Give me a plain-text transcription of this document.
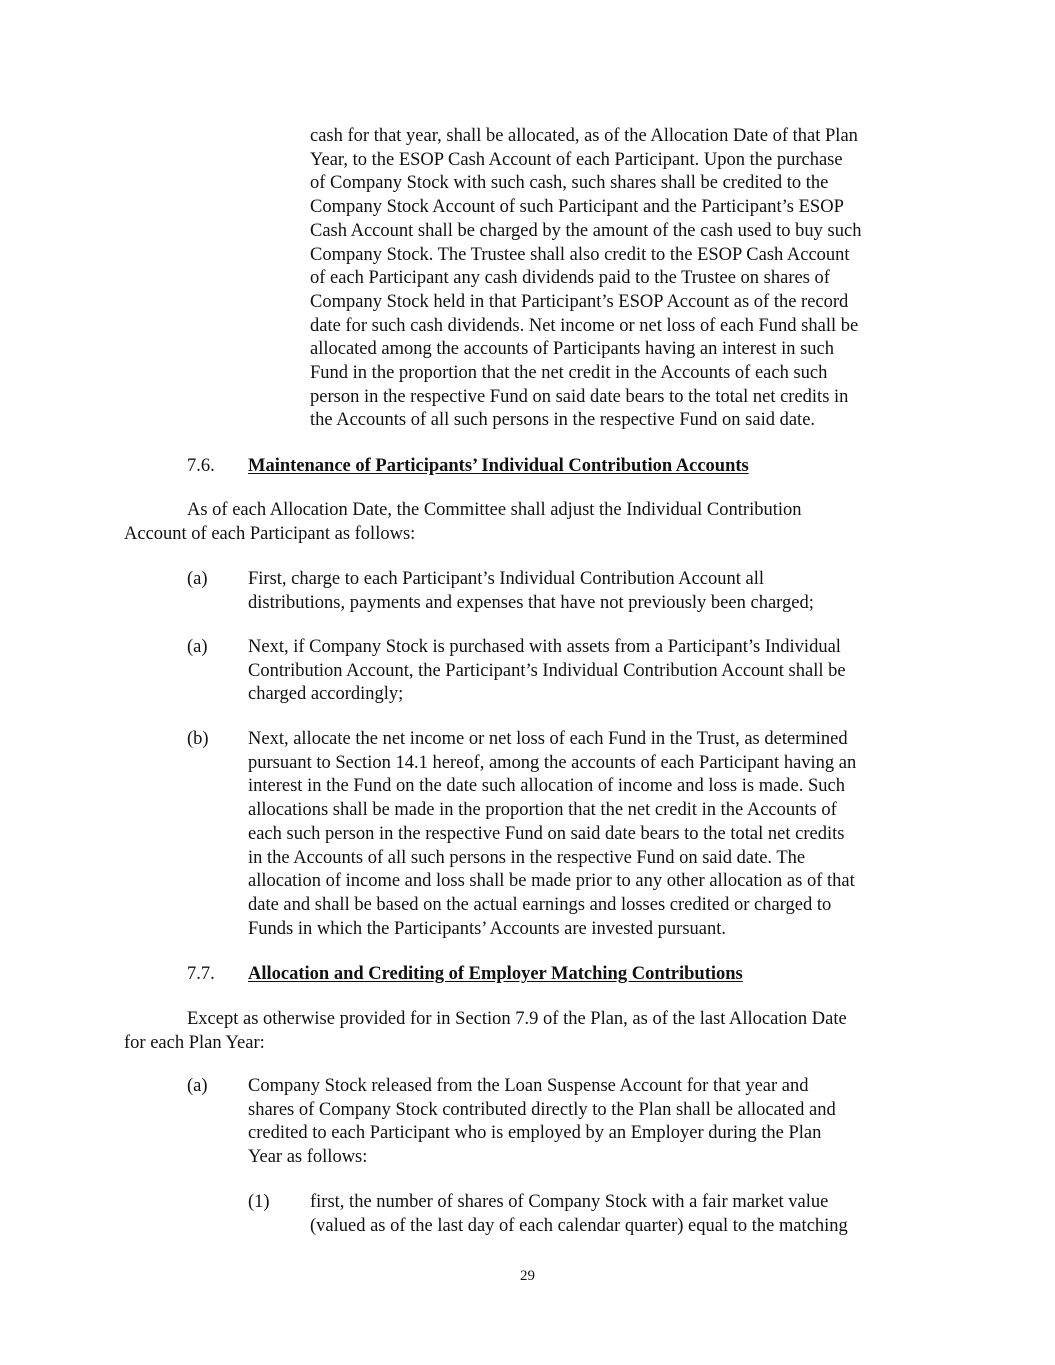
cash for that year, shall be allocated, as of the Allocation Date of that Plan
Year, to the ESOP Cash Account of each Participant. Upon the purchase
of Company Stock with such cash, such shares shall be credited to the
Company Stock Account of such Participant and the Participant’s ESOP
Cash Account shall be charged by the amount of the cash used to buy such
Company Stock. The Trustee shall also credit to the ESOP Cash Account
of each Participant any cash dividends paid to the Trustee on shares of
Company Stock held in that Participant’s ESOP Account as of the record
date for such cash dividends. Net income or net loss of each Fund shall be
allocated among the accounts of Participants having an interest in such
Fund in the proportion that the net credit in the Accounts of each such
person in the respective Fund on said date bears to the total net credits in
the Accounts of all such persons in the respective Fund on said date.

7.6. Maintenance of Participants’ Individual Contribution Accounts

As of each Allocation Date, the Committee shall adjust the Individual Contribution
Account of each Participant as follows:

(a) First, charge to each Participant’s Individual Contribution Account all
distributions, payments and expenses that have not previously been charged;

(a) Next, if Company Stock is purchased with assets from a Participant’s Individual
Contribution Account, the Participant’s Individual Contribution Account shall be
charged accordingly;

(b) Next, allocate the net income or net loss of each Fund in the Trust, as determined
pursuant to Section 14.1 hereof, among the accounts of each Participant having an
interest in the Fund on the date such allocation of income and loss is made. Such
allocations shall be made in the proportion that the net credit in the Accounts of
each such person in the respective Fund on said date bears to the total net credits
in the Accounts of all such persons in the respective Fund on said date. The
allocation of income and loss shall be made prior to any other allocation as of that
date and shall be based on the actual earnings and losses credited or charged to
Funds in which the Participants’ Accounts are invested pursuant.

7.7. Allocation and Crediting of Employer Matching Contributions

Except as otherwise provided for in Section 7.9 of the Plan, as of the last Allocation Date
for each Plan Year:

(a) Company Stock released from the Loan Suspense Account for that year and
shares of Company Stock contributed directly to the Plan shall be allocated and
credited to each Participant who is employed by an Employer during the Plan
Year as follows:

(1) first, the number of shares of Company Stock with a fair market value
(valued as of the last day of each calendar quarter) equal to the matching

29
